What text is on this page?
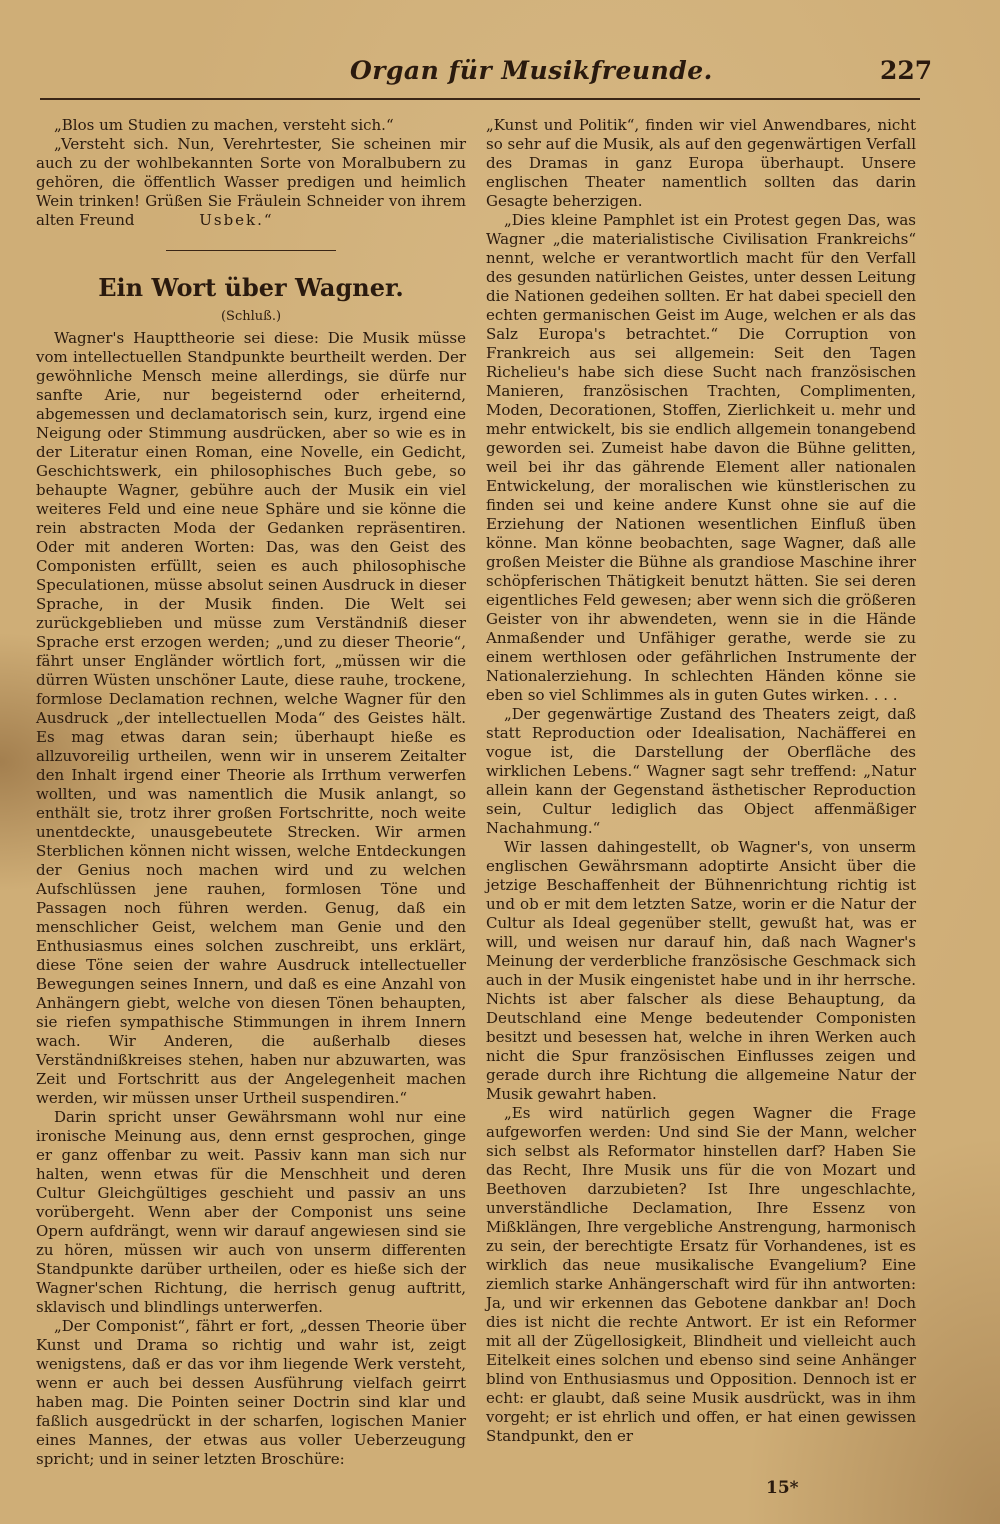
Organ für Musikfreunde.	227

„Blos um Studien zu machen, versteht sich.“

„Versteht sich. Nun, Verehrtester, Sie scheinen mir auch zu der wohlbekannten Sorte von Moralbubern zu gehören, die öffentlich Wasser predigen und heimlich Wein trinken! Grüßen Sie Fräulein Schneider von ihrem alten Freund	Usbek.“

Ein Wort über Wagner.
(Schluß.)

Wagner's Haupttheorie sei diese: Die Musik müsse vom intellectuellen Standpunkte beurtheilt werden. Der gewöhnliche Mensch meine allerdings, sie dürfe nur sanfte Arie, nur begeisternd oder erheiternd, abgemessen und declamatorisch sein, kurz, irgend eine Neigung oder Stimmung ausdrücken, aber so wie es in der Literatur einen Roman, eine Novelle, ein Gedicht, Geschichtswerk, ein philosophisches Buch gebe, so behaupte Wagner, gebühre auch der Musik ein viel weiteres Feld und eine neue Sphäre und sie könne die rein abstracten Moda der Gedanken repräsentiren. Oder mit anderen Worten: Das, was den Geist des Componisten erfüllt, seien es auch philosophische Speculationen, müsse absolut seinen Ausdruck in dieser Sprache, in der Musik finden. Die Welt sei zurückgeblieben und müsse zum Verständniß dieser Sprache erst erzogen werden; „und zu dieser Theorie“, fährt unser Engländer wörtlich fort, „müssen wir die dürren Wüsten unschöner Laute, diese rauhe, trockene, formlose Declamation rechnen, welche Wagner für den Ausdruck „der intellectuellen Moda“ des Geistes hält. Es mag etwas daran sein; überhaupt hieße es allzuvoreilig urtheilen, wenn wir in unserem Zeitalter den Inhalt irgend einer Theorie als Irrthum verwerfen wollten, und was namentlich die Musik anlangt, so enthält sie, trotz ihrer großen Fortschritte, noch weite unentdeckte, unausgebeutete Strecken. Wir armen Sterblichen können nicht wissen, welche Entdeckungen der Genius noch machen wird und zu welchen Aufschlüssen jene rauhen, formlosen Töne und Passagen noch führen werden. Genug, daß ein menschlicher Geist, welchem man Genie und den Enthusiasmus eines solchen zuschreibt, uns erklärt, diese Töne seien der wahre Ausdruck intellectueller Bewegungen seines Innern, und daß es eine Anzahl von Anhängern giebt, welche von diesen Tönen behaupten, sie riefen sympathische Stimmungen in ihrem Innern wach. Wir Anderen, die außerhalb dieses Verständnißkreises stehen, haben nur abzuwarten, was Zeit und Fortschritt aus der Angelegenheit machen werden, wir müssen unser Urtheil suspendiren.“

Darin spricht unser Gewährsmann wohl nur eine ironische Meinung aus, denn ernst gesprochen, ginge er ganz offenbar zu weit. Passiv kann man sich nur halten, wenn etwas für die Menschheit und deren Cultur Gleichgültiges geschieht und passiv an uns vorübergeht. Wenn aber der Componist uns seine Opern aufdrängt, wenn wir darauf angewiesen sind sie zu hören, müssen wir auch von unserm differenten Standpunkte darüber urtheilen, oder es hieße sich der Wagner'schen Richtung, die herrisch genug auftritt, sklavisch und blindlings unterwerfen.

„Der Componist“, fährt er fort, „dessen Theorie über Kunst und Drama so richtig und wahr ist, zeigt wenigstens, daß er das vor ihm liegende Werk versteht, wenn er auch bei dessen Ausführung vielfach geirrt haben mag. Die Pointen seiner Doctrin sind klar und faßlich ausgedrückt in der scharfen, logischen Manier eines Mannes, der etwas aus voller Ueberzeugung spricht; und in seiner letzten Broschüre:

„Kunst und Politik“, finden wir viel Anwendbares, nicht so sehr auf die Musik, als auf den gegenwärtigen Verfall des Dramas in ganz Europa überhaupt. Unsere englischen Theater namentlich sollten das darin Gesagte beherzigen.

„Dies kleine Pamphlet ist ein Protest gegen Das, was Wagner „die materialistische Civilisation Frankreichs“ nennt, welche er verantwortlich macht für den Verfall des gesunden natürlichen Geistes, unter dessen Leitung die Nationen gedeihen sollten. Er hat dabei speciell den echten germanischen Geist im Auge, welchen er als das Salz Europa's betrachtet.“ Die Corruption von Frankreich aus sei allgemein: Seit den Tagen Richelieu's habe sich diese Sucht nach französischen Manieren, französischen Trachten, Complimenten, Moden, Decorationen, Stoffen, Zierlichkeit u. mehr und mehr entwickelt, bis sie endlich allgemein tonangebend geworden sei. Zumeist habe davon die Bühne gelitten, weil bei ihr das gährende Element aller nationalen Entwickelung, der moralischen wie künstlerischen zu finden sei und keine andere Kunst ohne sie auf die Erziehung der Nationen wesentlichen Einfluß üben könne. Man könne beobachten, sage Wagner, daß alle großen Meister die Bühne als grandiose Maschine ihrer schöpferischen Thätigkeit benutzt hätten. Sie sei deren eigentliches Feld gewesen; aber wenn sich die größeren Geister von ihr abwendeten, wenn sie in die Hände Anmaßender und Unfähiger gerathe, werde sie zu einem werthlosen oder gefährlichen Instrumente der Nationalerziehung. In schlechten Händen könne sie eben so viel Schlimmes als in guten Gutes wirken. . . .

„Der gegenwärtige Zustand des Theaters zeigt, daß statt Reproduction oder Idealisation, Nachäfferei en vogue ist, die Darstellung der Oberfläche des wirklichen Lebens.“ Wagner sagt sehr treffend: „Natur allein kann der Gegenstand ästhetischer Reproduction sein, Cultur lediglich das Object affenmäßiger Nachahmung.“

Wir lassen dahingestellt, ob Wagner's, von unserm englischen Gewährsmann adoptirte Ansicht über die jetzige Beschaffenheit der Bühnenrichtung richtig ist und ob er mit dem letzten Satze, worin er die Natur der Cultur als Ideal gegenüber stellt, gewußt hat, was er will, und weisen nur darauf hin, daß nach Wagner's Meinung der verderbliche französische Geschmack sich auch in der Musik eingenistet habe und in ihr herrsche. Nichts ist aber falscher als diese Behauptung, da Deutschland eine Menge bedeutender Componisten besitzt und besessen hat, welche in ihren Werken auch nicht die Spur französischen Einflusses zeigen und gerade durch ihre Richtung die allgemeine Natur der Musik gewahrt haben.

„Es wird natürlich gegen Wagner die Frage aufgeworfen werden: Und sind Sie der Mann, welcher sich selbst als Reformator hinstellen darf? Haben Sie das Recht, Ihre Musik uns für die von Mozart und Beethoven darzubieten? Ist Ihre ungeschlachte, unverständliche Declamation, Ihre Essenz von Mißklängen, Ihre vergebliche Anstrengung, harmonisch zu sein, der berechtigte Ersatz für Vorhandenes, ist es wirklich das neue musikalische Evangelium? Eine ziemlich starke Anhängerschaft wird für ihn antworten: Ja, und wir erkennen das Gebotene dankbar an! Doch dies ist nicht die rechte Antwort. Er ist ein Reformer mit all der Zügellosigkeit, Blindheit und vielleicht auch Eitelkeit eines solchen und ebenso sind seine Anhänger blind von Enthusiasmus und Opposition. Dennoch ist er echt: er glaubt, daß seine Musik ausdrückt, was in ihm vorgeht; er ist ehrlich und offen, er hat einen gewissen Standpunkt, den er

15*
